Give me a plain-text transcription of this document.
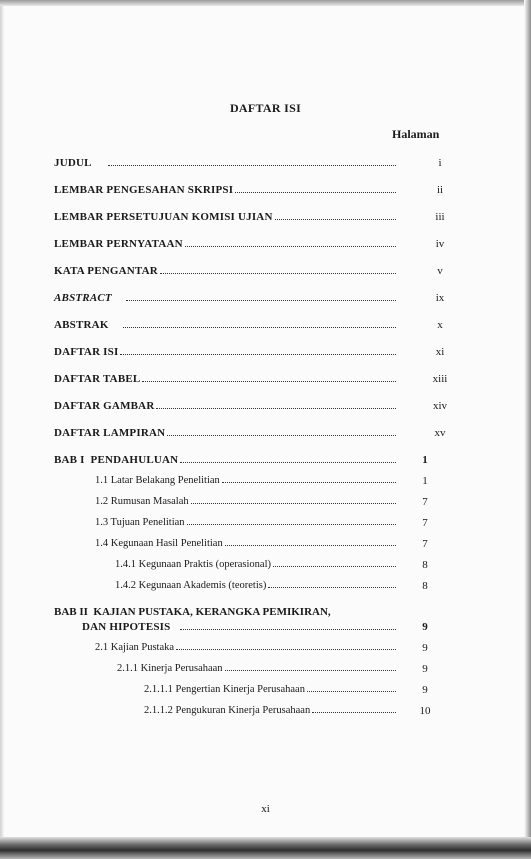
DAFTAR ISI
Halaman
JUDUL	i
LEMBAR PENGESAHAN SKRIPSI	ii
LEMBAR PERSETUJUAN KOMISI UJIAN	iii
LEMBAR PERNYATAAN	iv
KATA PENGANTAR	v
ABSTRACT	ix
ABSTRAK	x
DAFTAR ISI	xi
DAFTAR TABEL	xiii
DAFTAR GAMBAR	xiv
DAFTAR LAMPIRAN	xv
BAB I  PENDAHULUAN	1
1.1 Latar Belakang Penelitian	1
1.2 Rumusan Masalah	7
1.3 Tujuan Penelitian	7
1.4 Kegunaan Hasil Penelitian	7
1.4.1 Kegunaan Praktis (operasional)	8
1.4.2 Kegunaan Akademis (teoretis)	8
BAB II  KAJIAN PUSTAKA, KERANGKA PEMIKIRAN,
DAN HIPOTESIS	9
2.1 Kajian Pustaka	9
2.1.1 Kinerja Perusahaan	9
2.1.1.1 Pengertian Kinerja Perusahaan	9
2.1.1.2 Pengukuran Kinerja Perusahaan	10
xi
